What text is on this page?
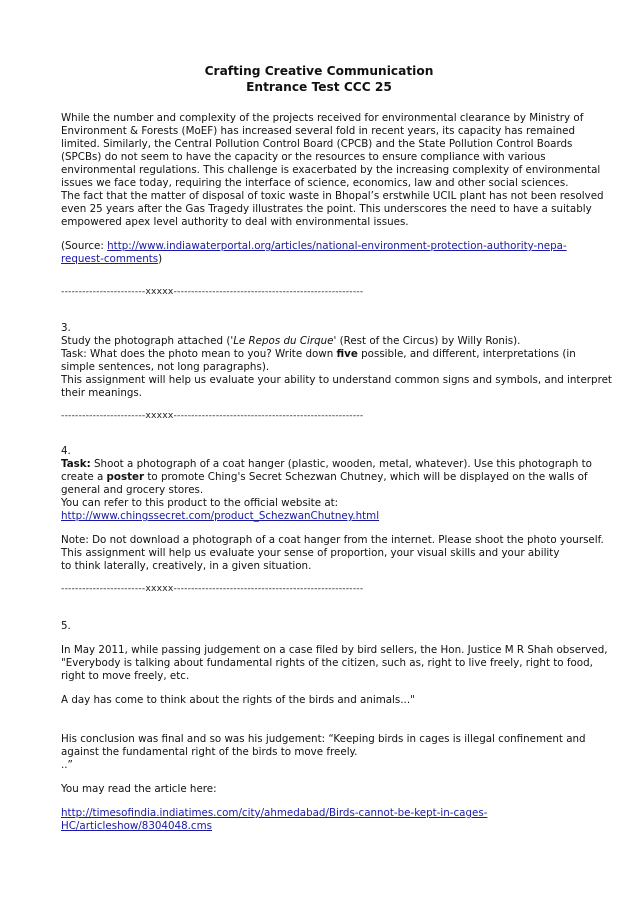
Crafting Creative Communication
Entrance Test CCC 25
While the number and complexity of the projects received for environmental clearance by Ministry of
Environment & Forests (MoEF) has increased several fold in recent years, its capacity has remained
limited. Similarly, the Central Pollution Control Board (CPCB) and the State Pollution Control Boards
(SPCBs) do not seem to have the capacity or the resources to ensure compliance with various
environmental regulations. This challenge is exacerbated by the increasing complexity of environmental
issues we face today, requiring the interface of science, economics, law and other social sciences.
The fact that the matter of disposal of toxic waste in Bhopal’s erstwhile UCIL plant has not been resolved
even 25 years after the Gas Tragedy illustrates the point. This underscores the need to have a suitably
empowered apex level authority to deal with environmental issues.
(Source: http://www.indiawaterportal.org/articles/national-environment-protection-authority-nepa-
request-comments)
------------------------xxxxx------------------------------------------------------
3.
Study the photograph attached ('Le Repos du Cirque' (Rest of the Circus) by Willy Ronis).
Task: What does the photo mean to you? Write down five possible, and different, interpretations (in
simple sentences, not long paragraphs).
This assignment will help us evaluate your ability to understand common signs and symbols, and interpret
their meanings.
------------------------xxxxx------------------------------------------------------
4.
Task: Shoot a photograph of a coat hanger (plastic, wooden, metal, whatever). Use this photograph to
create a poster to promote Ching's Secret Schezwan Chutney, which will be displayed on the walls of
general and grocery stores.
You can refer to this product to the official website at:
http://www.chingssecret.com/product_SchezwanChutney.html
Note: Do not download a photograph of a coat hanger from the internet. Please shoot the photo yourself.
This assignment will help us evaluate your sense of proportion, your visual skills and your ability
to think laterally, creatively, in a given situation.
------------------------xxxxx------------------------------------------------------
5.
In May 2011, while passing judgement on a case filed by bird sellers, the Hon. Justice M R Shah observed,
"Everybody is talking about fundamental rights of the citizen, such as, right to live freely, right to food,
right to move freely, etc.
A day has come to think about the rights of the birds and animals..."
His conclusion was final and so was his judgement: “Keeping birds in cages is illegal confinement and
against the fundamental right of the birds to move freely.
..”
You may read the article here:
http://timesofindia.indiatimes.com/city/ahmedabad/Birds-cannot-be-kept-in-cages-
HC/articleshow/8304048.cms
